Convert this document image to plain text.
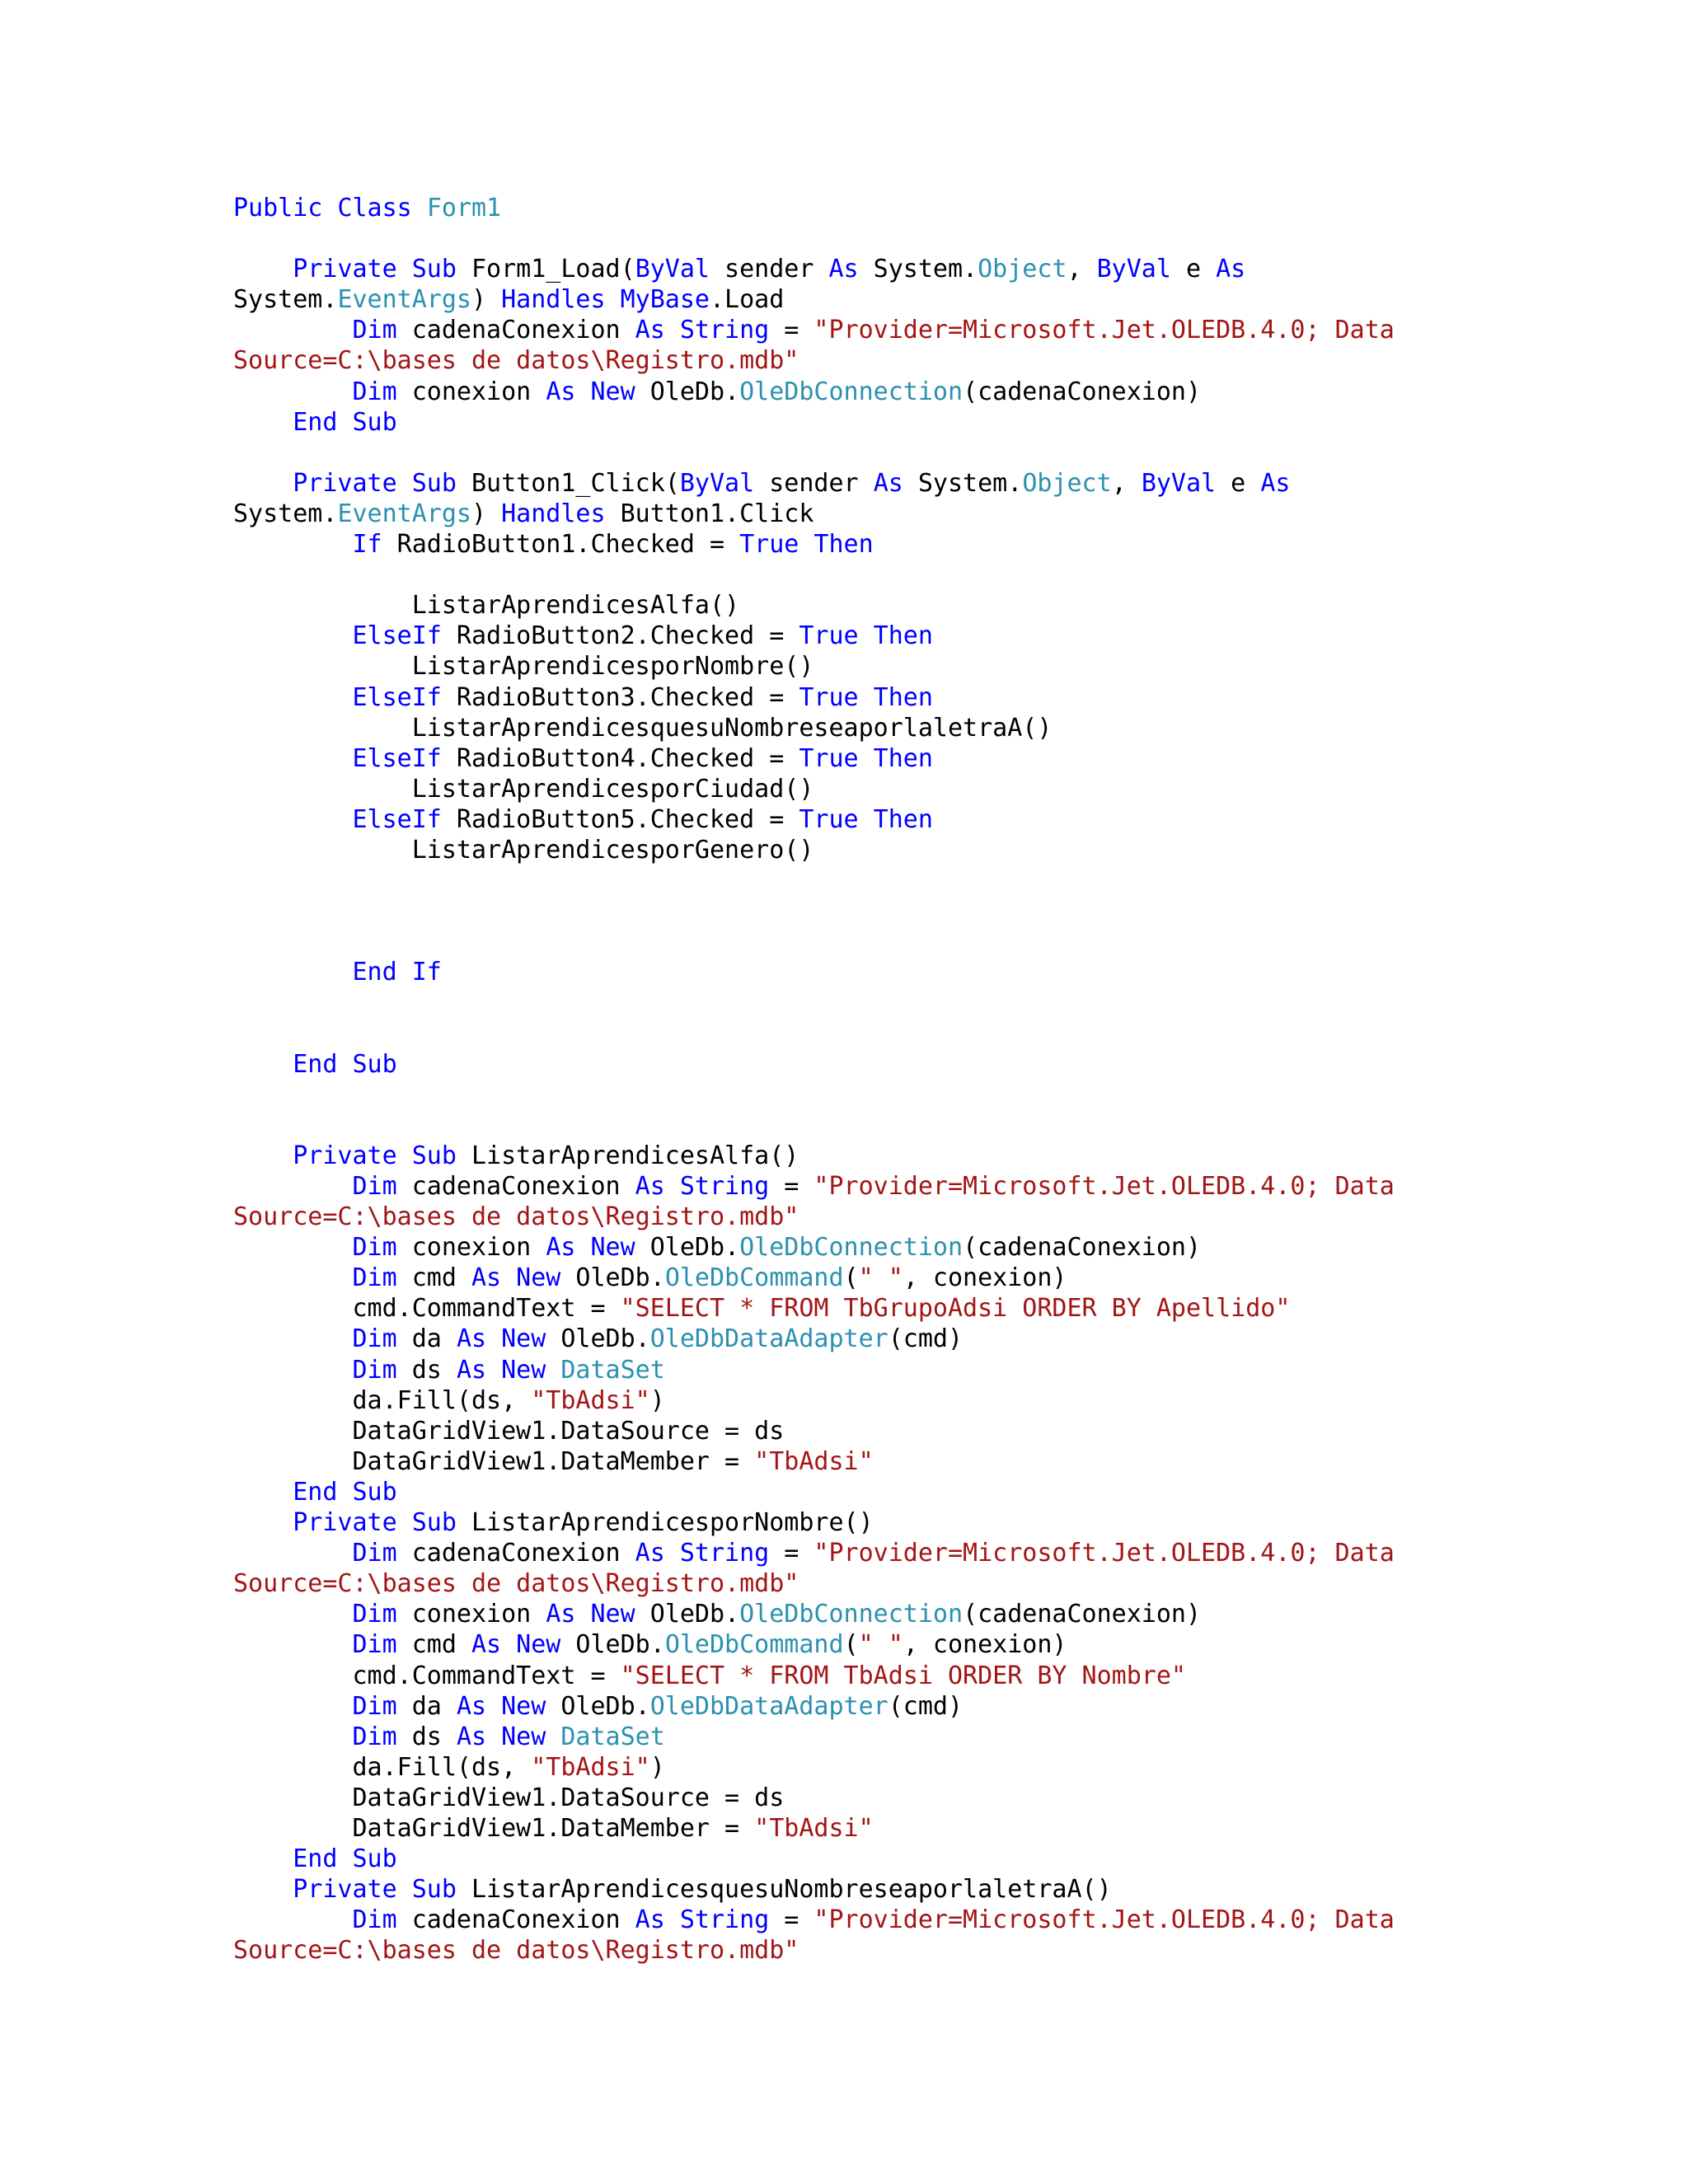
Public Class Form1
Private Sub Form1_Load(ByVal sender As System.Object, ByVal e As
System.EventArgs) Handles MyBase.Load
Dim cadenaConexion As String = "Provider=Microsoft.Jet.OLEDB.4.0; Data
Source=C:\bases de datos\Registro.mdb"
Dim conexion As New OleDb.OleDbConnection(cadenaConexion)
End Sub
Private Sub Button1_Click(ByVal sender As System.Object, ByVal e As
System.EventArgs) Handles Button1.Click
If RadioButton1.Checked = True Then
ListarAprendicesAlfa()
ElseIf RadioButton2.Checked = True Then
ListarAprendicesporNombre()
ElseIf RadioButton3.Checked = True Then
ListarAprendicesquesuNombreseaporlaletraA()
ElseIf RadioButton4.Checked = True Then
ListarAprendicesporCiudad()
ElseIf RadioButton5.Checked = True Then
ListarAprendicesporGenero()
End If
End Sub
Private Sub ListarAprendicesAlfa()
Dim cadenaConexion As String = "Provider=Microsoft.Jet.OLEDB.4.0; Data
Source=C:\bases de datos\Registro.mdb"
Dim conexion As New OleDb.OleDbConnection(cadenaConexion)
Dim cmd As New OleDb.OleDbCommand(" ", conexion)
cmd.CommandText = "SELECT * FROM TbGrupoAdsi ORDER BY Apellido"
Dim da As New OleDb.OleDbDataAdapter(cmd)
Dim ds As New DataSet
da.Fill(ds, "TbAdsi")
DataGridView1.DataSource = ds
DataGridView1.DataMember = "TbAdsi"
End Sub
Private Sub ListarAprendicesporNombre()
Dim cadenaConexion As String = "Provider=Microsoft.Jet.OLEDB.4.0; Data
Source=C:\bases de datos\Registro.mdb"
Dim conexion As New OleDb.OleDbConnection(cadenaConexion)
Dim cmd As New OleDb.OleDbCommand(" ", conexion)
cmd.CommandText = "SELECT * FROM TbAdsi ORDER BY Nombre"
Dim da As New OleDb.OleDbDataAdapter(cmd)
Dim ds As New DataSet
da.Fill(ds, "TbAdsi")
DataGridView1.DataSource = ds
DataGridView1.DataMember = "TbAdsi"
End Sub
Private Sub ListarAprendicesquesuNombreseaporlaletraA()
Dim cadenaConexion As String = "Provider=Microsoft.Jet.OLEDB.4.0; Data
Source=C:\bases de datos\Registro.mdb"
